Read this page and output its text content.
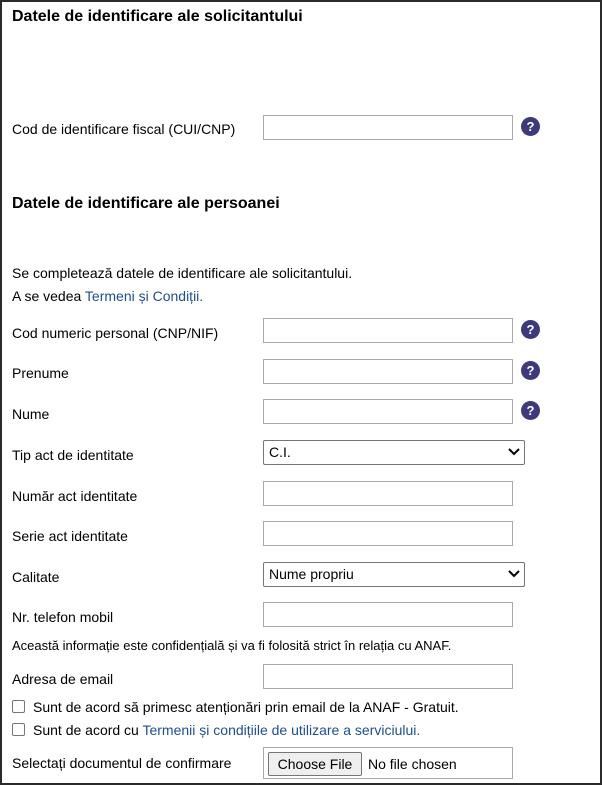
Datele de identificare ale solicitantului
Cod de identificare fiscal (CUI/CNP)	?
Datele de identificare ale persoanei
Se completează datele de identificare ale solicitantului.
A se vedea Termeni și Condiții.
Cod numeric personal (CNP/NIF)	?
Prenume	?
Nume	?
Tip act de identitate	C.I.
Număr act identitate
Serie act identitate
Calitate	Nume propriu
Nr. telefon mobil
Această informație este confidențială și va fi folosită strict în relația cu ANAF.
Adresa de email
Sunt de acord să primesc atenționări prin email de la ANAF - Gratuit.
Sunt de acord cu Termenii și condițiile de utilizare a serviciului.
Selectați documentul de confirmare	Choose File	No file chosen
